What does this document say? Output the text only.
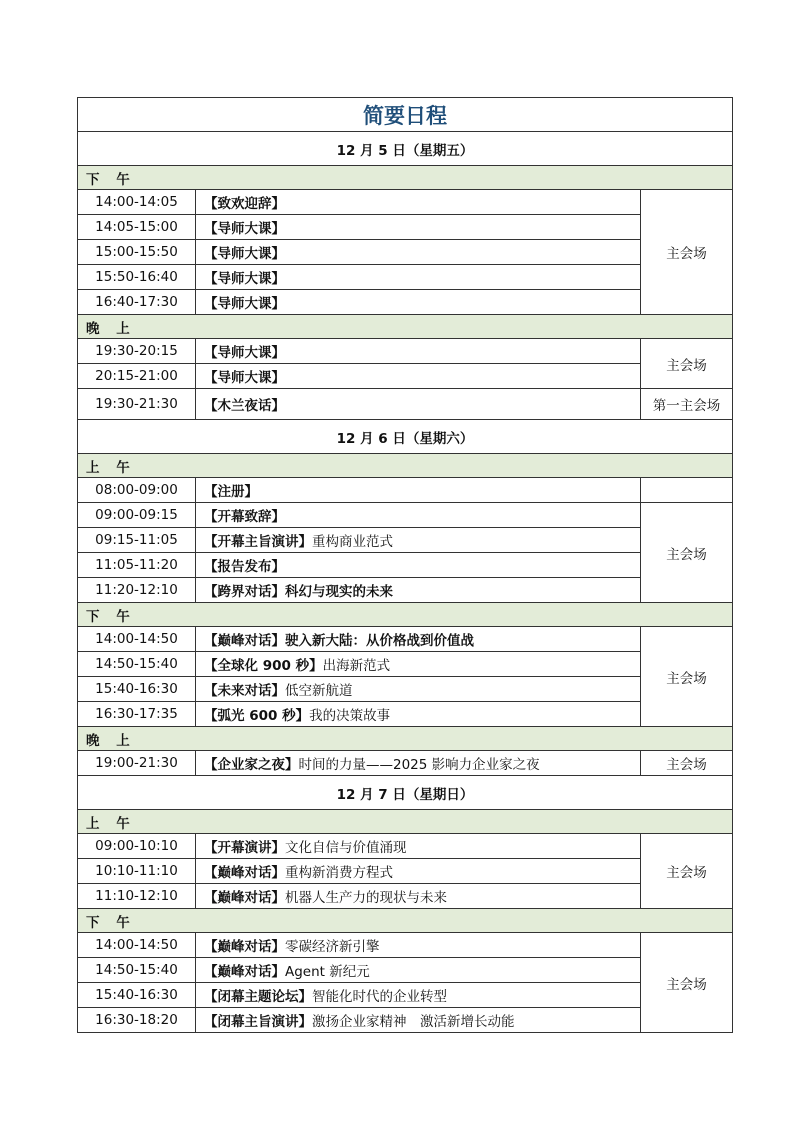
简要日程		
12 月 5 日（星期五）		
下 午		
14:00-14:05	【致欢迎辞】	主会场
14:05-15:00	【导师大课】	
15:00-15:50	【导师大课】	
15:50-16:40	【导师大课】	
16:40-17:30	【导师大课】	
晚 上		
19:30-20:15	【导师大课】	主会场
20:15-21:00	【导师大课】	
19:30-21:30	【木兰夜话】	第一主会场
12 月 6 日（星期六）		
上 午		
08:00-09:00	【注册】	
09:00-09:15	【开幕致辞】	主会场
09:15-11:05	【开幕主旨演讲】重构商业范式	
11:05-11:20	【报告发布】	
11:20-12:10	【跨界对话】科幻与现实的未来	
下 午		
14:00-14:50	【巅峰对话】驶入新大陆：从价格战到价值战	主会场
14:50-15:40	【全球化 900 秒】出海新范式	
15:40-16:30	【未来对话】低空新航道	
16:30-17:35	【弧光 600 秒】我的决策故事	
晚 上		
19:00-21:30	【企业家之夜】时间的力量——2025 影响力企业家之夜	主会场
12 月 7 日（星期日）		
上 午		
09:00-10:10	【开幕演讲】文化自信与价值涌现	主会场
10:10-11:10	【巅峰对话】重构新消费方程式	
11:10-12:10	【巅峰对话】机器人生产力的现状与未来	
下 午		
14:00-14:50	【巅峰对话】零碳经济新引擎	主会场
14:50-15:40	【巅峰对话】Agent 新纪元	
15:40-16:30	【闭幕主题论坛】智能化时代的企业转型	
16:30-18:20	【闭幕主旨演讲】激扬企业家精神　激活新增长动能	
